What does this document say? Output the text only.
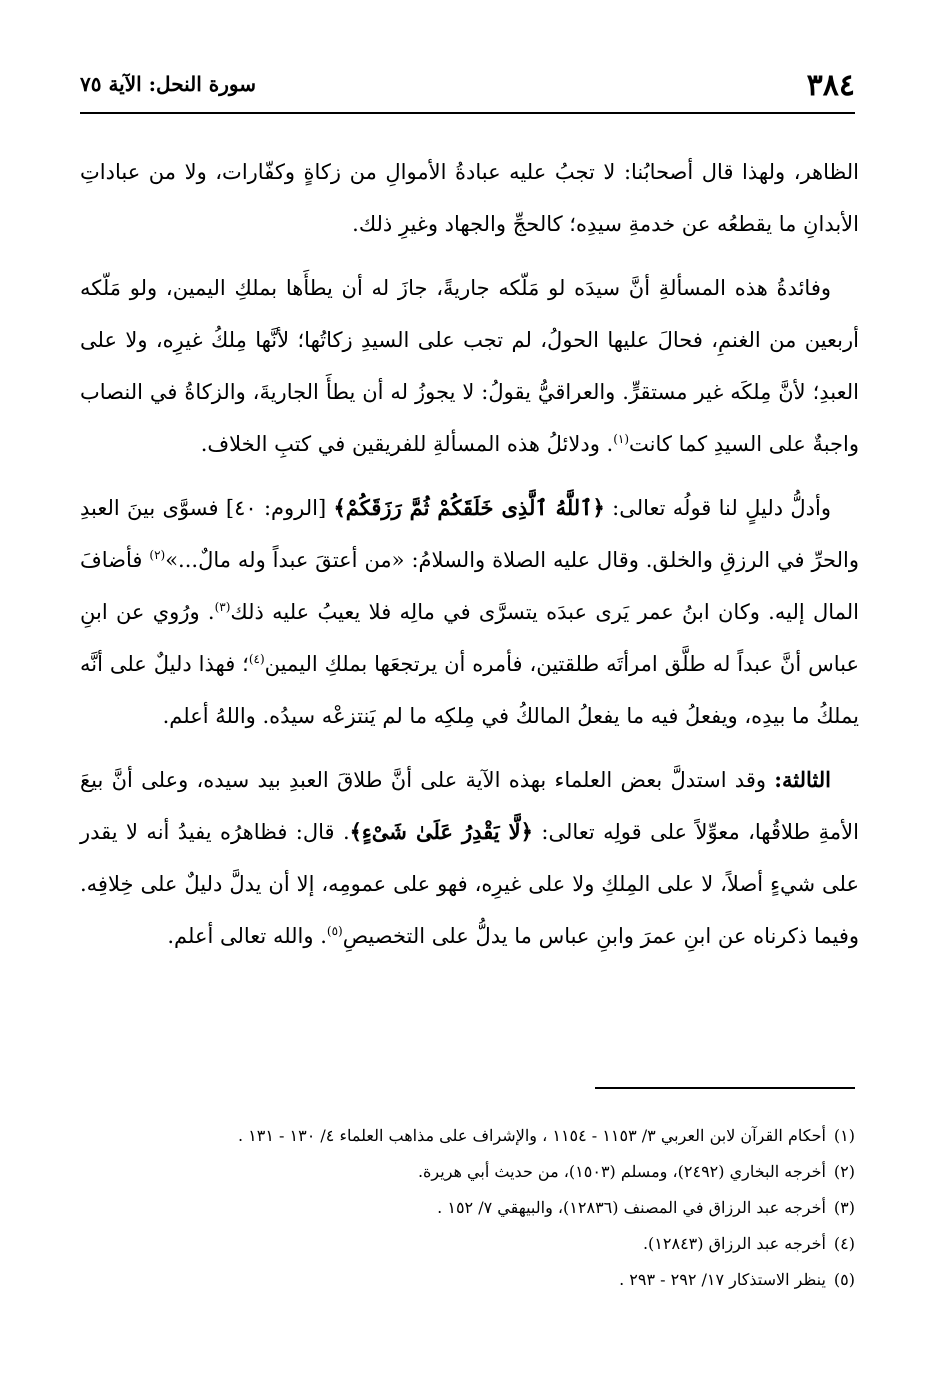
٣٨٤
سورة النحل: الآية ٧٥

الظاهر، ولهذا قال أصحابُنا: لا تجبُ عليه عبادةُ الأموالِ من زكاةٍ وكفّارات، ولا من عباداتِ الأبدانِ ما يقطعُه عن خدمةِ سيدِه؛ كالحجِّ والجهاد وغيرِ ذلك.

وفائدةُ هذه المسألةِ أنَّ سيدَه لو مَلّكه جاريةً، جازَ له أن يطأَها بملكِ اليمين، ولو مَلّكه أربعين من الغنمِ، فحالَ عليها الحولُ، لم تجب على السيدِ زكاتُها؛ لأنَّها مِلكُ غيرِه، ولا على العبدِ؛ لأنَّ مِلكَه غير مستقرٍّ. والعراقيُّ يقولُ: لا يجوزُ له أن يطأَ الجاريةَ، والزكاةُ في النصاب واجبةٌ على السيدِ كما كانت$^{(١)}$. ودلائلُ هذه المسألةِ للفريقين في كتبِ الخلاف.

وأدلُّ دليلٍ لنا قولُه تعالى: ﴿ٱللَّهُ ٱلَّذِى خَلَقَكُمْ ثُمَّ رَزَقَكُمْ﴾ [الروم: ٤٠] فسوَّى بينَ العبدِ والحرِّ في الرزقِ والخلق. وقال عليه الصلاة والسلامُ: «من أعتقَ عبداً وله مالٌ...»$^{(٢)}$ فأضافَ المال إليه. وكان ابنُ عمر يَرى عبدَه يتسرَّى في مالِه فلا يعيبُ عليه ذلك$^{(٣)}$. ورُوي عن ابنِ عباس أنَّ عبداً له طلَّق امرأتَه طلقتين، فأمره أن يرتجعَها بملكِ اليمين$^{(٤)}$؛ فهذا دليلٌ على أنَّه يملكُ ما بيدِه، ويفعلُ فيه ما يفعلُ المالكُ في مِلكِه ما لم يَنتزعْه سيدُه. واللهُ أعلم.

الثالثة: وقد استدلَّ بعض العلماء بهذه الآية على أنَّ طلاقَ العبدِ بيد سيده، وعلى أنَّ بيعَ الأمةِ طلاقُها، معوِّلاً على قولِه تعالى: ﴿لَّا يَقْدِرُ عَلَىٰ شَىْءٍ﴾. قال: فظاهرُه يفيدُ أنه لا يقدر على شيءٍ أصلاً، لا على المِلكِ ولا على غيرِه، فهو على عمومِه، إلا أن يدلَّ دليلٌ على خِلافِه. وفيما ذكرناه عن ابنِ عمرَ وابنِ عباس ما يدلُّ على التخصيصِ$^{(٥)}$. والله تعالى أعلم.

(١)أحكام القرآن لابن العربي ٣/ ١١٥٣ - ١١٥٤ ، والإشراف على مذاهب العلماء ٤/ ١٣٠ - ١٣١ .

(٢)أخرجه البخاري (٢٤٩٢)، ومسلم (١٥٠٣)، من حديث أبي هريرة.

(٣)أخرجه عبد الرزاق في المصنف (١٢٨٣٦)، والبيهقي ٧/ ١٥٢ .

(٤)أخرجه عبد الرزاق (١٢٨٤٣).

(٥)ينظر الاستذكار ١٧/ ٢٩٢ - ٢٩٣ .
